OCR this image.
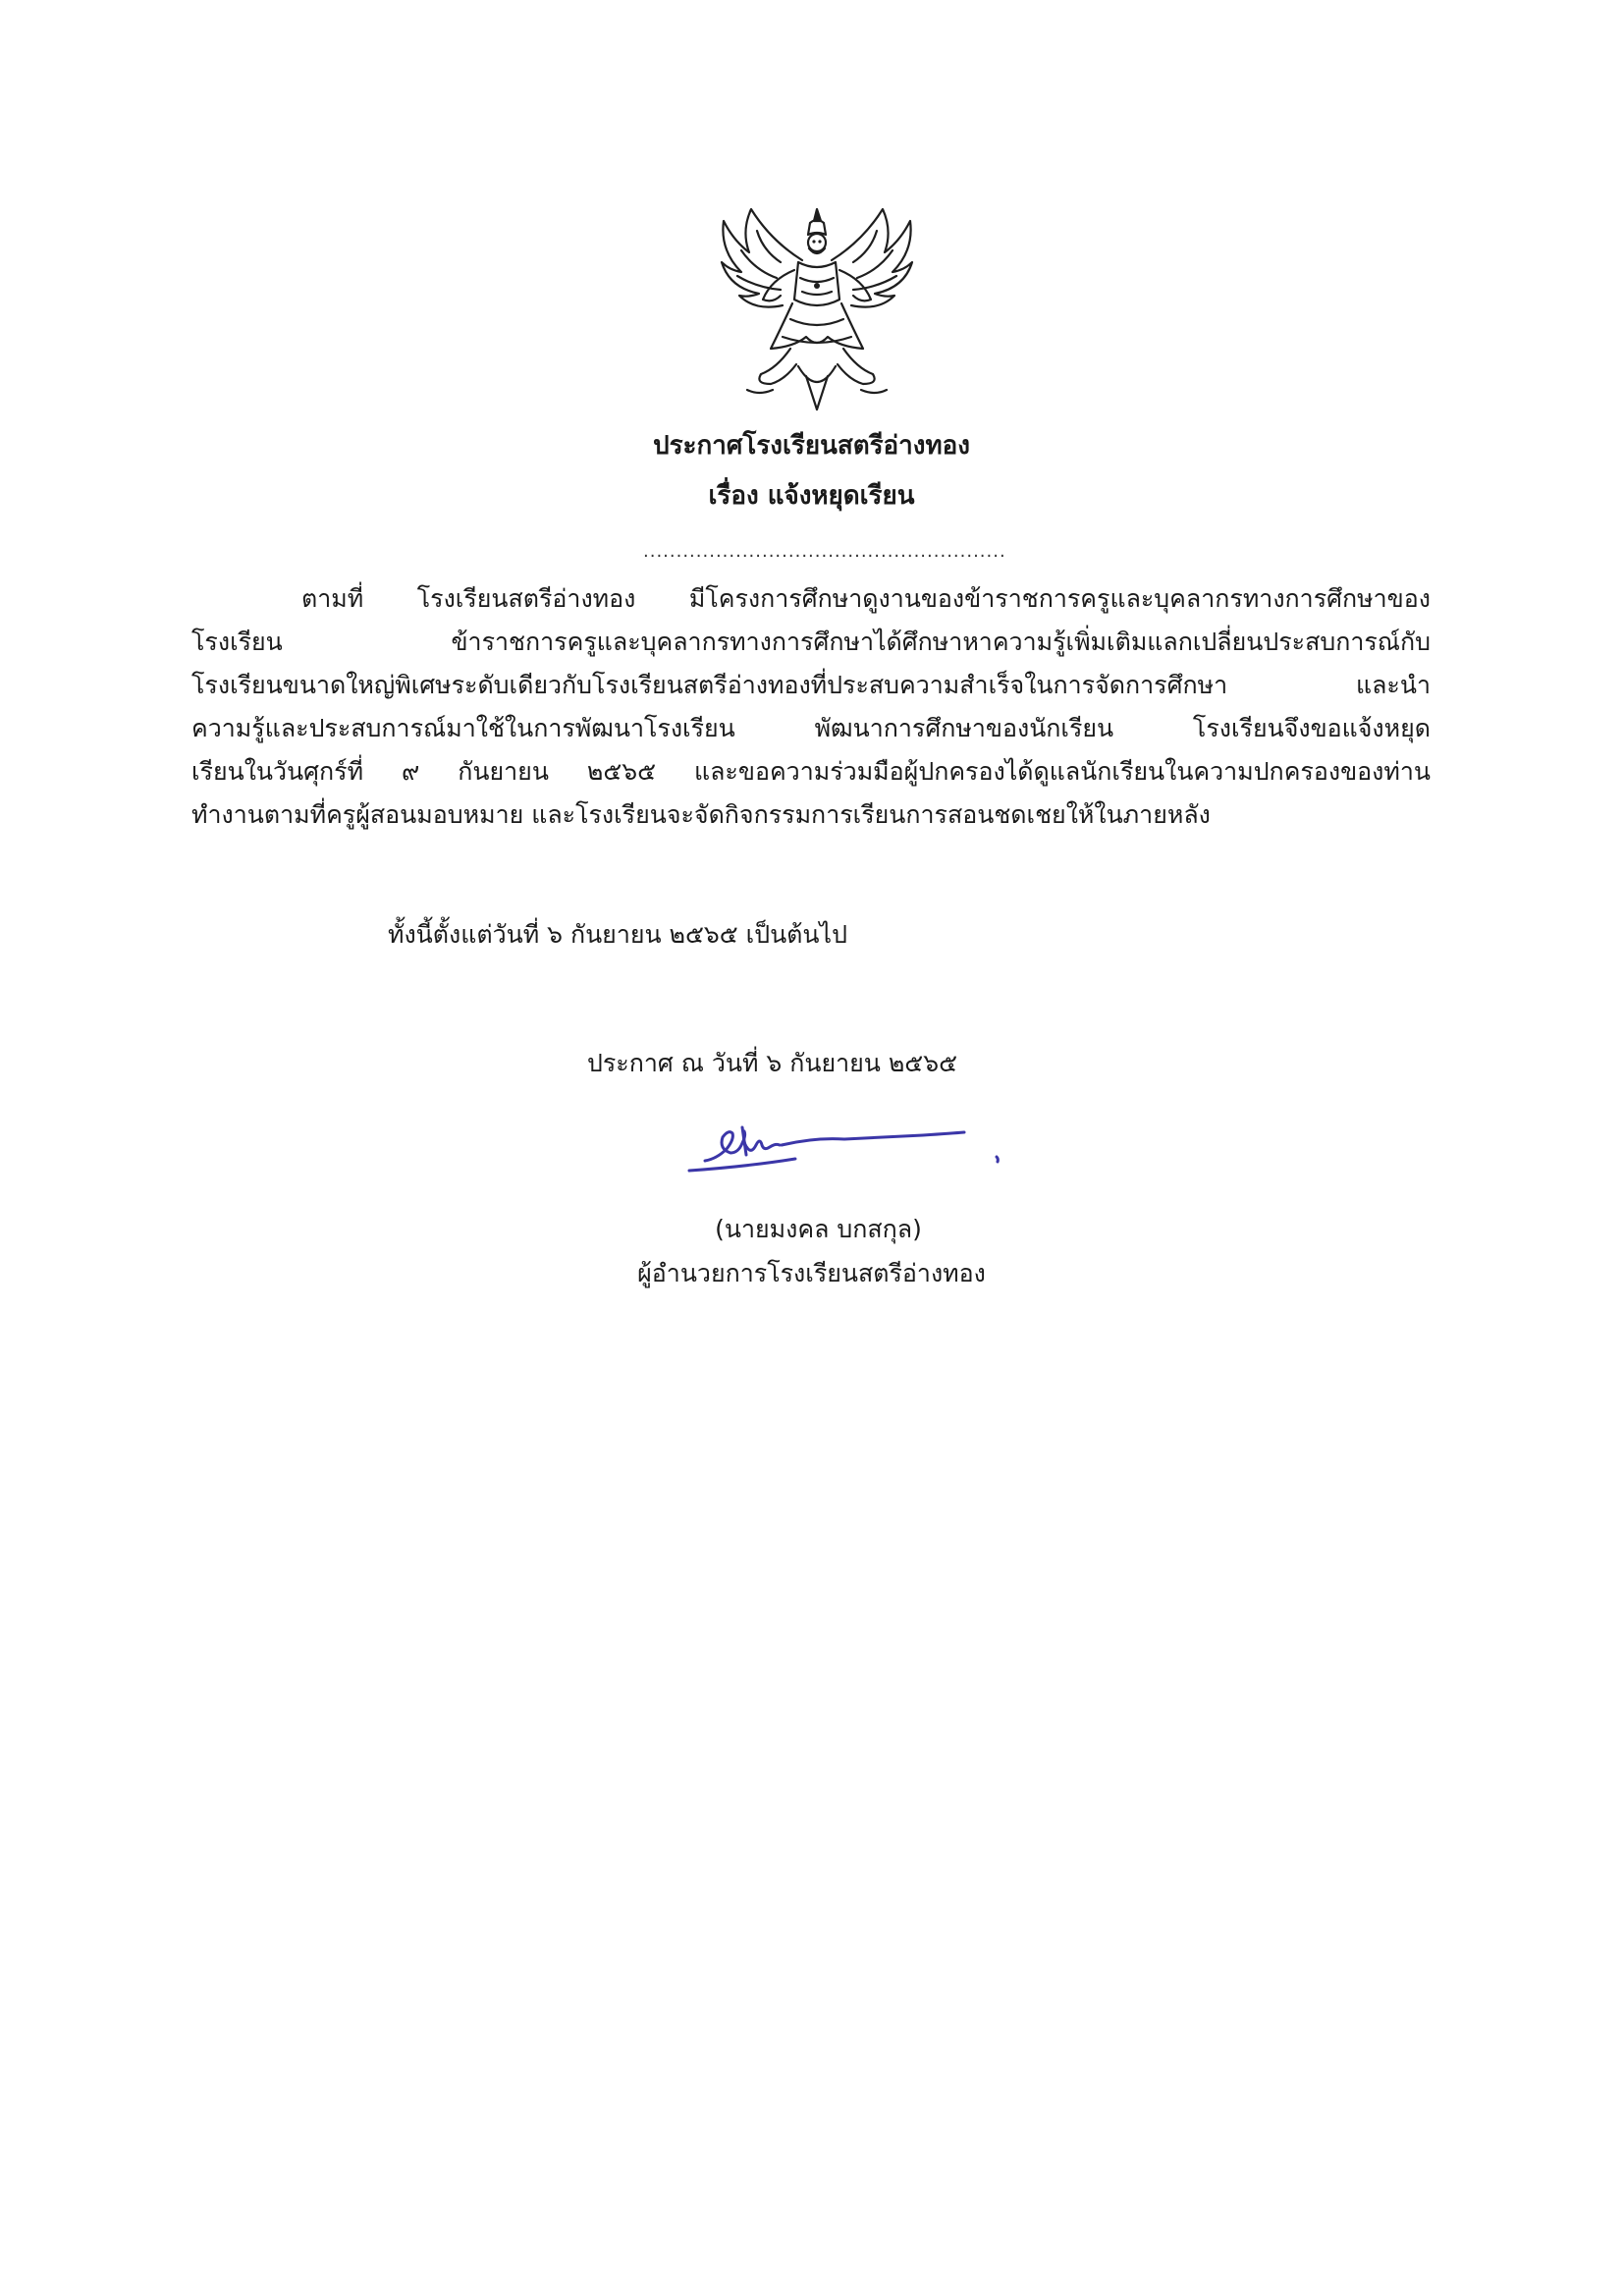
ประกาศโรงเรียนสตรีอ่างทอง
เรื่อง แจ้งหยุดเรียน
.......................................................
ตามที่ โรงเรียนสตรีอ่างทอง มีโครงการศึกษาดูงานของข้าราชการครูและบุคลากรทางการศึกษาของ
โรงเรียน ข้าราชการครูและบุคลากรทางการศึกษาได้ศึกษาหาความรู้เพิ่มเติมแลกเปลี่ยนประสบการณ์กับ
โรงเรียนขนาดใหญ่พิเศษระดับเดียวกับโรงเรียนสตรีอ่างทองที่ประสบความสำเร็จในการจัดการศึกษา และนำ
ความรู้และประสบการณ์มาใช้ในการพัฒนาโรงเรียน พัฒนาการศึกษาของนักเรียน โรงเรียนจึงขอแจ้งหยุด
เรียนในวันศุกร์ที่ ๙ กันยายน ๒๕๖๕ และขอความร่วมมือผู้ปกครองได้ดูแลนักเรียนในความปกครองของท่าน
ทำงานตามที่ครูผู้สอนมอบหมาย และโรงเรียนจะจัดกิจกรรมการเรียนการสอนชดเชยให้ในภายหลัง
ทั้งนี้ตั้งแต่วันที่ ๖ กันยายน ๒๕๖๕ เป็นต้นไป
ประกาศ ณ วันที่ ๖ กันยายน ๒๕๖๕
(นายมงคล บกสกุล)
ผู้อำนวยการโรงเรียนสตรีอ่างทอง
